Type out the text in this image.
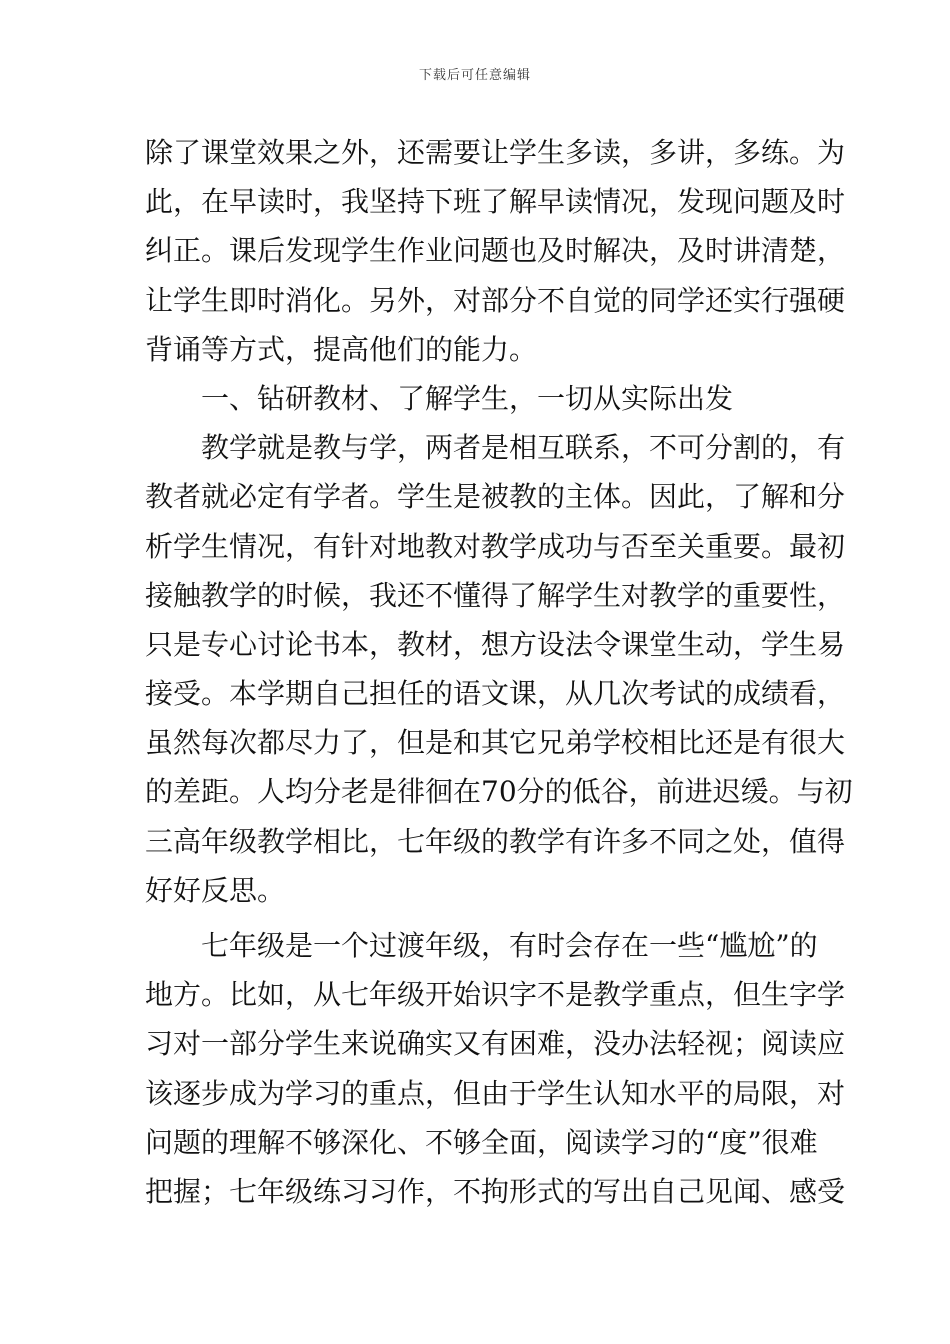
下载后可任意编辑
除了课堂效果之外，还需要让学生多读，多讲，多练。为
此，在早读时，我坚持下班了解早读情况，发现问题及时
纠正。课后发现学生作业问题也及时解决，及时讲清楚，
让学生即时消化。另外，对部分不自觉的同学还实行强硬
背诵等方式，提高他们的能力。
一、钻研教材、了解学生，一切从实际出发
教学就是教与学，两者是相互联系，不可分割的，有
教者就必定有学者。学生是被教的主体。因此，了解和分
析学生情况，有针对地教对教学成功与否至关重要。最初
接触教学的时候，我还不懂得了解学生对教学的重要性，
只是专心讨论书本，教材，想方设法令课堂生动，学生易
接受。本学期自己担任的语文课，从几次考试的成绩看，
虽然每次都尽力了，但是和其它兄弟学校相比还是有很大
的差距。人均分老是徘徊在70分的低谷，前进迟缓。与初
三高年级教学相比，七年级的教学有许多不同之处，值得
好好反思。
七年级是一个过渡年级，有时会存在一些“尴尬”的
地方。比如，从七年级开始识字不是教学重点，但生字学
习对一部分学生来说确实又有困难，没办法轻视；阅读应
该逐步成为学习的重点，但由于学生认知水平的局限，对
问题的理解不够深化、不够全面，阅读学习的“度”很难
把握；七年级练习习作，不拘形式的写出自己见闻、感受
